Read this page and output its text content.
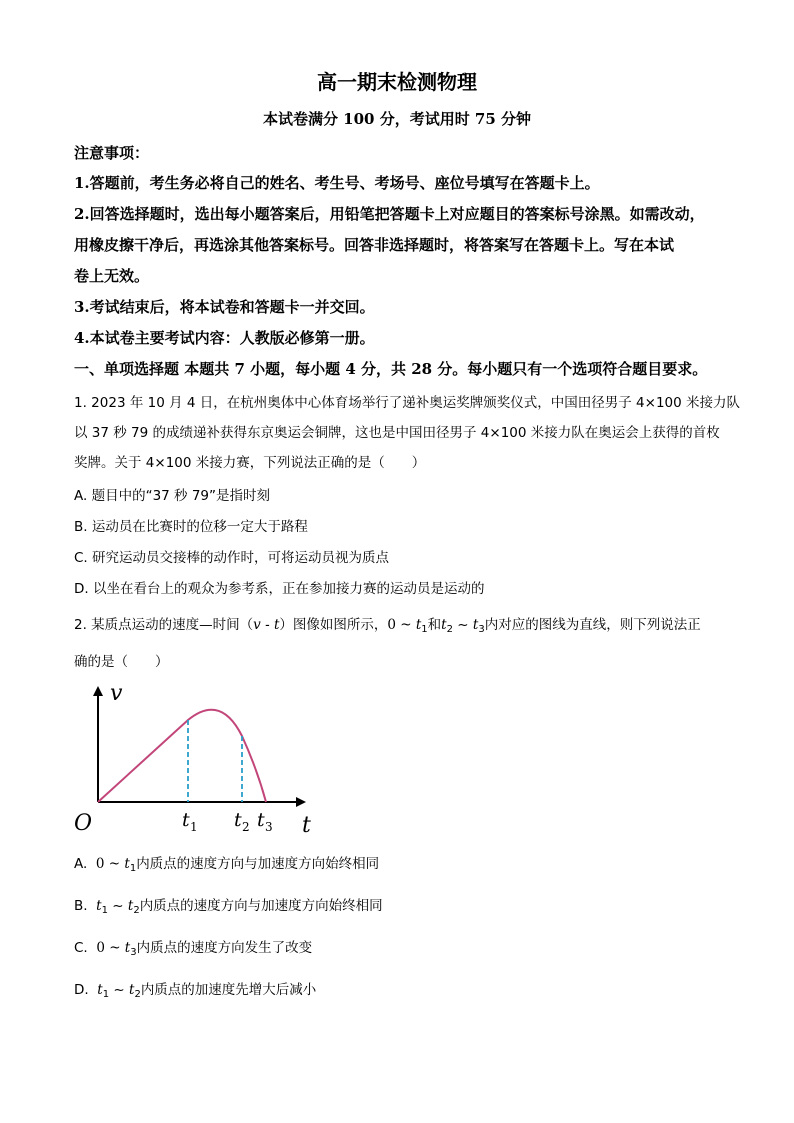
高一期末检测物理
本试卷满分 100 分，考试用时 75 分钟
注意事项：
1.答题前，考生务必将自己的姓名、考生号、考场号、座位号填写在答题卡上。
2.回答选择题时，选出每小题答案后，用铅笔把答题卡上对应题目的答案标号涂黑。如需改动，
用橡皮擦干净后，再选涂其他答案标号。回答非选择题时，将答案写在答题卡上。写在本试
卷上无效。
3.考试结束后，将本试卷和答题卡一并交回。
4.本试卷主要考试内容：人教版必修第一册。
一、单项选择题 本题共 7 小题，每小题 4 分，共 28 分。每小题只有一个选项符合题目要求。
1. 2023 年 10 月 4 日，在杭州奥体中心体育场举行了递补奥运奖牌颁奖仪式，中国田径男子 4×100 米接力队
以 37 秒 79 的成绩递补获得东京奥运会铜牌，这也是中国田径男子 4×100 米接力队在奥运会上获得的首枚
奖牌。关于 4×100 米接力赛，下列说法正确的是（　　）
A. 题目中的“37 秒 79”是指时刻
B. 运动员在比赛时的位移一定大于路程
C. 研究运动员交接棒的动作时，可将运动员视为质点
D. 以坐在看台上的观众为参考系，正在参加接力赛的运动员是运动的
2. 某质点运动的速度—时间（v - t）图像如图所示，0 ~ $t_1$和$t_2$ ~ $t_3$内对应的图线为直线，则下列说法正
确的是（　　）
v
t
O	t 1 t 2 t 3
A. 0 ~ $t_1$内质点的速度方向与加速度方向始终相同
B. $t_1$ ~ $t_2$内质点的速度方向与加速度方向始终相同
C. 0 ~ $t_3$内质点的速度方向发生了改变
D. $t_1$ ~ $t_2$内质点的加速度先增大后减小
